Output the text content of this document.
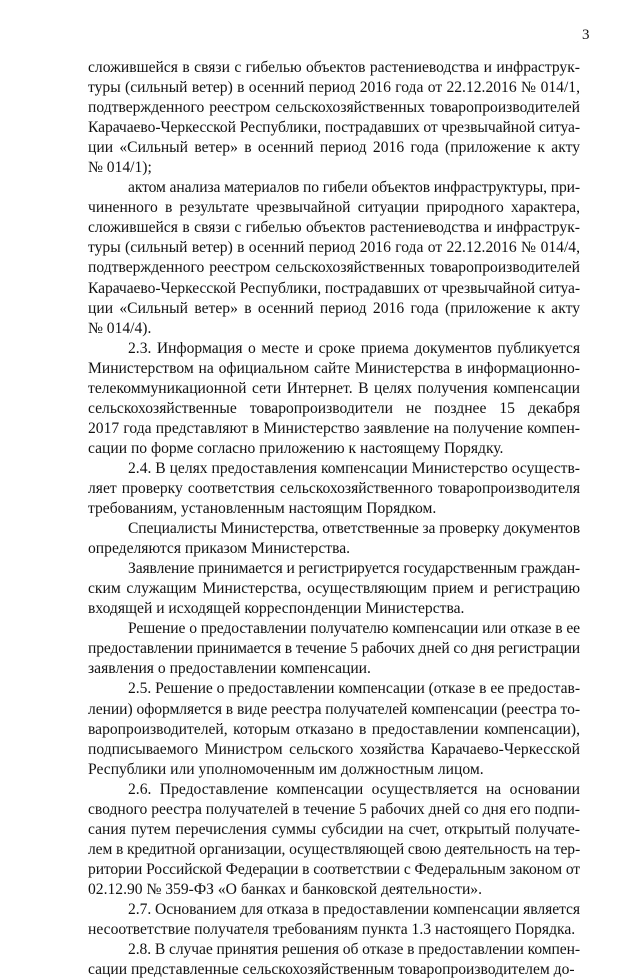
3

сложившейся в связи с гибелью объектов растениеводства и инфраструк-
туры (сильный ветер) в осенний период 2016 года от 22.12.2016 № 014/1,
подтвержденного реестром сельскохозяйственных товаропроизводителей
Карачаево-Черкесской Республики, пострадавших от чрезвычайной ситуа-
ции «Сильный ветер» в осенний период 2016 года (приложение к акту
№ 014/1);

актом анализа материалов по гибели объектов инфраструктуры, при-
чиненного в результате чрезвычайной ситуации природного характера,
сложившейся в связи с гибелью объектов растениеводства и инфраструк-
туры (сильный ветер) в осенний период 2016 года от 22.12.2016 № 014/4,
подтвержденного реестром сельскохозяйственных товаропроизводителей
Карачаево-Черкесской Республики, пострадавших от чрезвычайной ситуа-
ции «Сильный ветер» в осенний период 2016 года (приложение к акту
№ 014/4).

2.3. Информация о месте и сроке приема документов публикуется
Министерством на официальном сайте Министерства в информационно-
телекоммуникационной сети Интернет. В целях получения компенсации
сельскохозяйственные товаропроизводители не позднее 15 декабря
2017 года представляют в Министерство заявление на получение компен-
сации по форме согласно приложению к настоящему Порядку.

2.4. В целях предоставления компенсации Министерство осуществ-
ляет проверку соответствия сельскохозяйственного товаропроизводителя
требованиям, установленным настоящим Порядком.

Специалисты Министерства, ответственные за проверку документов
определяются приказом Министерства.

Заявление принимается и регистрируется государственным граждан-
ским служащим Министерства, осуществляющим прием и регистрацию
входящей и исходящей корреспонденции Министерства.

Решение о предоставлении получателю компенсации или отказе в ее
предоставлении принимается в течение 5 рабочих дней со дня регистрации
заявления о предоставлении компенсации.

2.5. Решение о предоставлении компенсации (отказе в ее предостав-
лении) оформляется в виде реестра получателей компенсации (реестра то-
варопроизводителей, которым отказано в предоставлении компенсации),
подписываемого Министром сельского хозяйства Карачаево-Черкесской
Республики или уполномоченным им должностным лицом.

2.6. Предоставление компенсации осуществляется на основании
сводного реестра получателей в течение 5 рабочих дней со дня его подпи-
сания путем перечисления суммы субсидии на счет, открытый получате-
лем в кредитной организации, осуществляющей свою деятельность на тер-
ритории Российской Федерации в соответствии с Федеральным законом от
02.12.90 № 359-ФЗ «О банках и банковской деятельности».

2.7. Основанием для отказа в предоставлении компенсации является
несоответствие получателя требованиям пункта 1.3 настоящего Порядка.

2.8. В случае принятия решения об отказе в предоставлении компен-
сации представленные сельскохозяйственным товаропроизводителем до-
